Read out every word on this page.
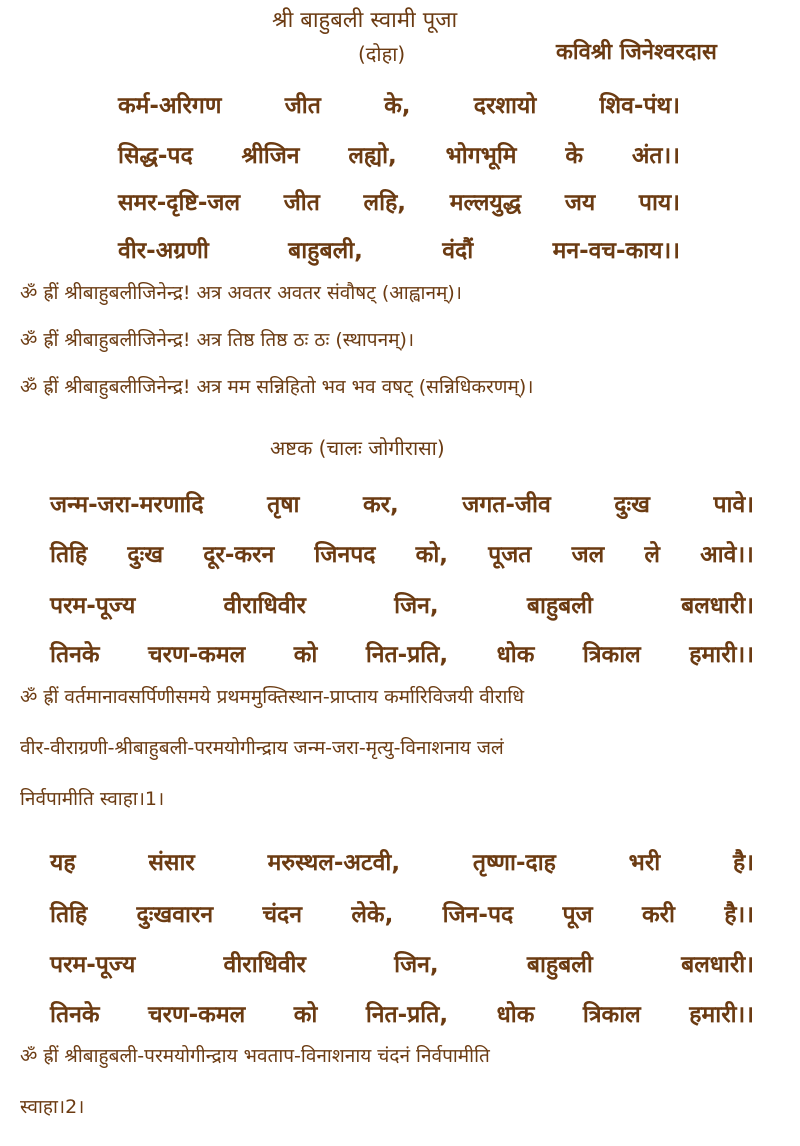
श्री बाहुबली स्वामी पूजा
(दोहा)	कविश्री जिनेश्वरदास
कर्म-अरिगण	जीत	के,	दरशायो	शिव-पंथ।
सिद्ध-पद श्रीजिन लह्यो, भोगभूमि के अंत।।
समर-दृष्टि-जल जीत लहि, मल्लयुद्ध जय पाय।
वीर-अग्रणी	बाहुबली,	वंदौं	मन-वच-काय।।
ॐ ह्रीं श्रीबाहुबलीजिनेन्द्र! अत्र अवतर अवतर संवौषट् (आह्वानम्)।
ॐ ह्रीं श्रीबाहुबलीजिनेन्द्र! अत्र तिष्ठ तिष्ठ ठः ठः (स्थापनम्)।
ॐ ह्रीं श्रीबाहुबलीजिनेन्द्र! अत्र मम सन्निहितो भव भव वषट् (सन्निधिकरणम्)।
अष्टक (चालः जोगीरासा)
जन्म-जरा-मरणादि	तृषा	कर,	जगत-जीव	दुःख	पावे।
तिहि दुःख दूर-करन जिनपद को, पूजत जल ले आवे।।
परम-पूज्य	वीराधिवीर	जिन,	बाहुबली	बलधारी।
तिनके चरण-कमल को नित-प्रति, धोक त्रिकाल हमारी।।
ॐ ह्रीं वर्तमानावसर्पिणीसमये प्रथममुक्तिस्थान-प्राप्ताय कर्मारिविजयी वीराधि
वीर-वीराग्रणी-श्रीबाहुबली-परमयोगीन्द्राय जन्म-जरा-मृत्यु-विनाशनाय जलं
निर्वपामीति स्वाहा।1।
यह	संसार	मरुस्थल-अटवी,	तृष्णा-दाह	भरी	है।
तिहि दुःखवारन चंदन लेके, जिन-पद पूज करी है।।
परम-पूज्य	वीराधिवीर	जिन,	बाहुबली	बलधारी।
तिनके चरण-कमल को नित-प्रति, धोक त्रिकाल हमारी।।
ॐ ह्रीं श्रीबाहुबली-परमयोगीन्द्राय भवताप-विनाशनाय चंदनं निर्वपामीति
स्वाहा।2।
